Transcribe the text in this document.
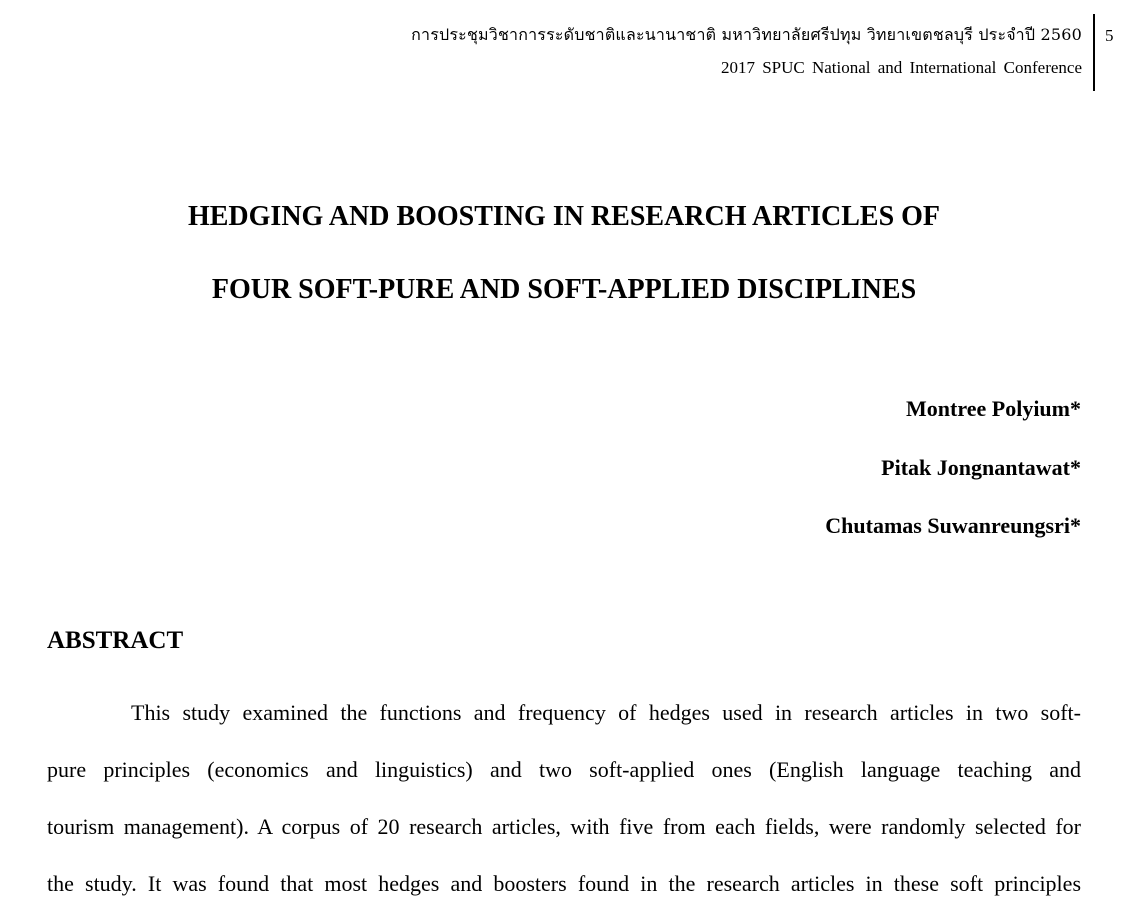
การประชุมวิชาการระดับชาติและนานาชาติ มหาวิทยาลัยศรีปทุม วิทยาเขตชลบุรี ประจำปี 2560
2017 SPUC National and International Conference
5
HEDGING AND BOOSTING IN RESEARCH ARTICLES OF
FOUR SOFT-PURE AND SOFT-APPLIED DISCIPLINES
Montree Polyium*
Pitak Jongnantawat*
Chutamas Suwanreungsri*
ABSTRACT
This study examined the functions and frequency of hedges used in research articles in two soft-
pure principles (economics and linguistics) and two soft-applied ones (English language teaching and
tourism management). A corpus of 20 research articles, with five from each fields, were randomly selected for
the study. It was found that most hedges and boosters found in the research articles in these soft principles
